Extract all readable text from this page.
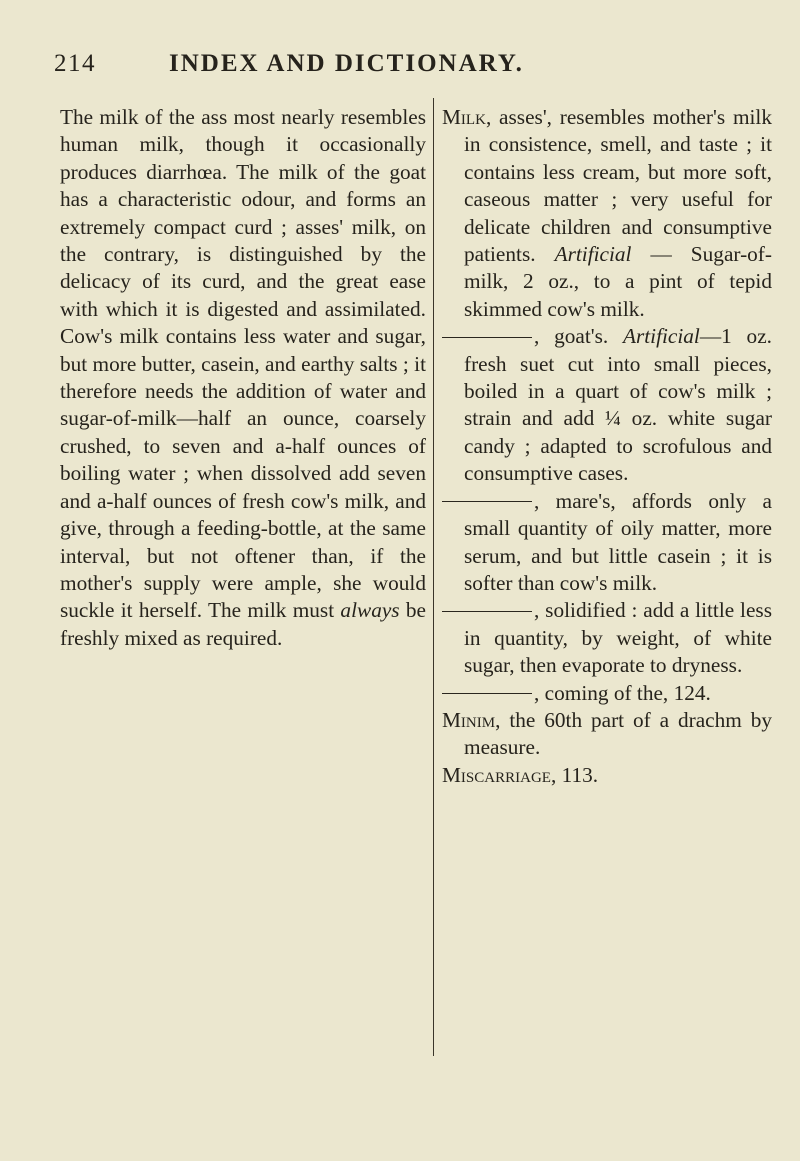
214	INDEX AND DICTIONARY.

The milk of the ass most nearly resembles human milk, though it occasionally produces diarrhœa. The milk of the goat has a characteristic odour, and forms an extremely compact curd ; asses' milk, on the contrary, is distinguished by the delicacy of its curd, and the great ease with which it is digested and assimilated. Cow's milk contains less water and sugar, but more butter, casein, and earthy salts ; it therefore needs the addition of water and sugar-of-milk—half an ounce, coarsely crushed, to seven and a-half ounces of boiling water ; when dissolved add seven and a-half ounces of fresh cow's milk, and give, through a feeding-bottle, at the same interval, but not oftener than, if the mother's supply were ample, she would suckle it herself. The milk must always be freshly mixed as required.

Milk, asses', resembles mother's milk in consistence, smell, and taste ; it contains less cream, but more soft, caseous matter ; very useful for delicate children and consumptive patients. Artificial — Sugar-of-milk, 2 oz., to a pint of tepid skimmed cow's milk.

, goat's. Artificial—1 oz. fresh suet cut into small pieces, boiled in a quart of cow's milk ; strain and add ¼ oz. white sugar candy ; adapted to scrofulous and consumptive cases.

, mare's, affords only a small quantity of oily matter, more serum, and but little casein ; it is softer than cow's milk.

, solidified : add a little less in quantity, by weight, of white sugar, then evaporate to dryness.

, coming of the, 124.

Minim, the 60th part of a drachm by measure.

Miscarriage, 113.
